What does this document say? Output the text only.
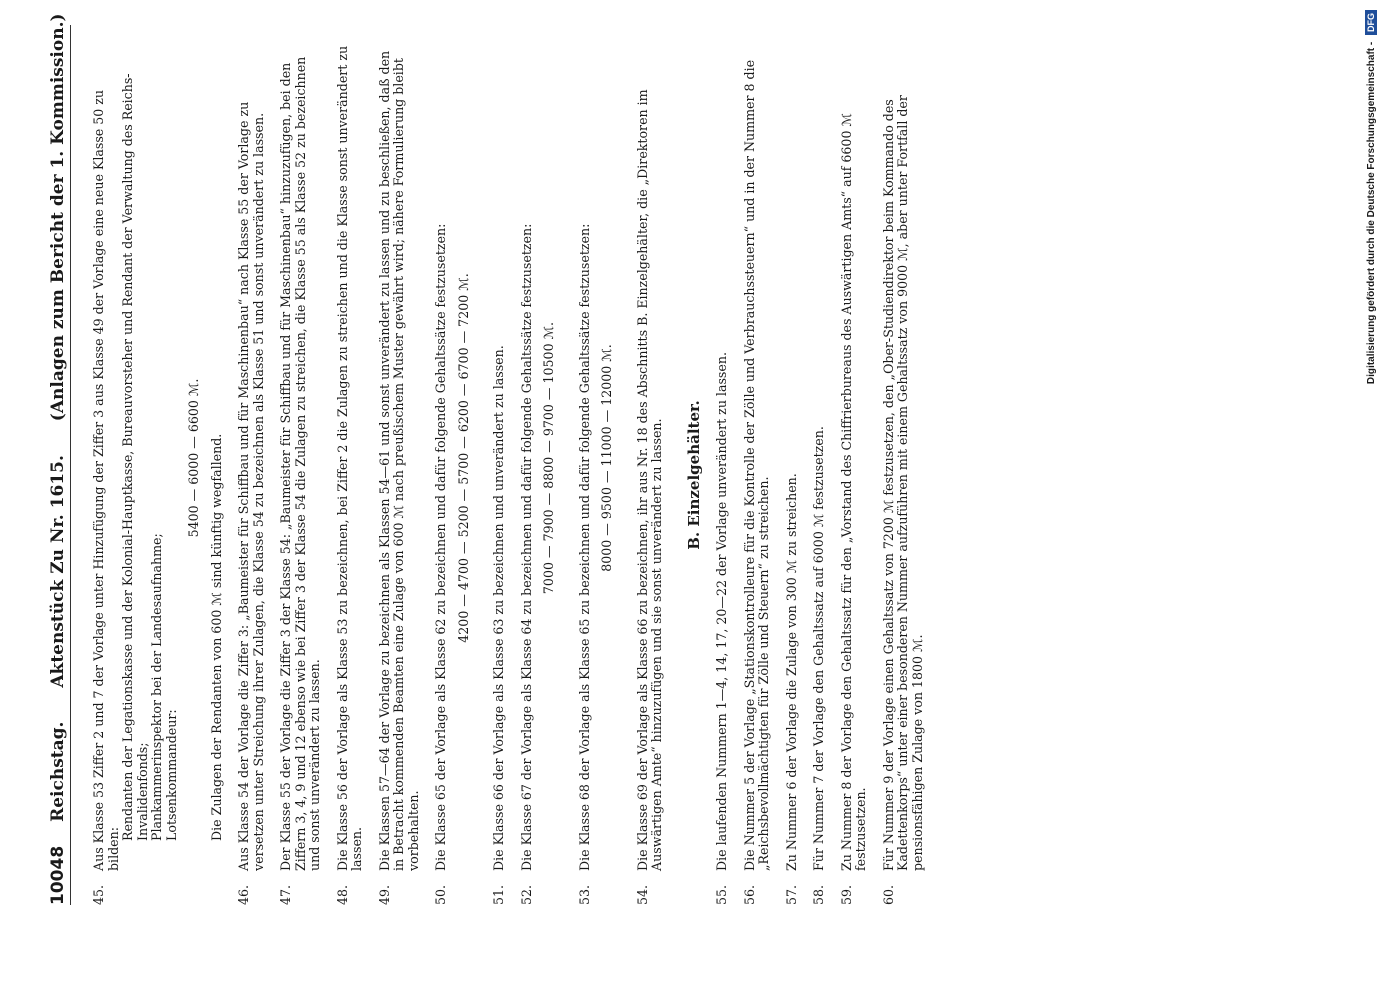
10048 Reichstag. Aktenstück Zu Nr. 1615. (Anlagen zum Bericht der 1. Kommission.)
45.

Aus Klasse 53 Ziffer 2 und 7 der Vorlage unter Hinzufügung der Ziffer 3 aus Klasse 49 der Vorlage eine neue Klasse 50 zu bilden:

Rendanten der Legationskasse und der Kolonial-Hauptkasse, Bureauvorsteher und Rendant der Verwaltung des Reichs-Invalidenfonds; Plankammerinspektor bei der Landesaufnahme; Lotsenkommandeur:

5400 — 6000 — 6600 ℳ. Die Zulagen der Rendanten von 600 ℳ sind künftig wegfallend.

46.

Aus Klasse 54 der Vorlage die Ziffer 3: „Baumeister für Schiffbau und für Maschinenbau“ nach Klasse 55 der Vorlage zu versetzen unter Streichung ihrer Zulagen, die Klasse 54 zu bezeichnen als Klasse 51 und sonst unverändert zu lassen.

47.

Der Klasse 55 der Vorlage die Ziffer 3 der Klasse 54: „Baumeister für Schiffbau und für Maschinenbau“ hinzuzufügen, bei den Ziffern 3, 4, 9 und 12 ebenso wie bei Ziffer 3 der Klasse 54 die Zulagen zu streichen, die Klasse 55 als Klasse 52 zu bezeichnen und sonst unverändert zu lassen.

48.

Die Klasse 56 der Vorlage als Klasse 53 zu bezeichnen, bei Ziffer 2 die Zulagen zu streichen und die Klasse sonst unverändert zu lassen.

49.

Die Klassen 57—64 der Vorlage zu bezeichnen als Klassen 54—61 und sonst unverändert zu lassen und zu beschließen, daß den in Betracht kommenden Beamten eine Zulage von 600 ℳ nach preußischem Muster gewährt wird; nähere Formulierung bleibt vorbehalten.

50.

Die Klasse 65 der Vorlage als Klasse 62 zu bezeichnen und dafür folgende Gehaltssätze festzusetzen: 4200 — 4700 — 5200 — 5700 — 6200 — 6700 — 7200 ℳ.

51.

Die Klasse 66 der Vorlage als Klasse 63 zu bezeichnen und unverändert zu lassen.

52.

Die Klasse 67 der Vorlage als Klasse 64 zu bezeichnen und dafür folgende Gehaltssätze festzusetzen: 7000 — 7900 — 8800 — 9700 — 10500 ℳ.

53.

Die Klasse 68 der Vorlage als Klasse 65 zu bezeichnen und dafür folgende Gehaltssätze festzusetzen: 8000 — 9500 — 11000 — 12000 ℳ.

54.

Die Klasse 69 der Vorlage als Klasse 66 zu bezeichnen, ihr aus Nr. 18 des Abschnitts B. Einzelgehälter, die „Direktoren im Auswärtigen Amte“ hinzuzufügen und sie sonst unverändert zu lassen. B. Einzelgehälter.
55.

Die laufenden Nummern 1—4, 14, 17, 20—22 der Vorlage unverändert zu lassen.

56.

Die Nummer 5 der Vorlage „Stationskontrolleure für die Kontrolle der Zölle und Verbrauchssteuern“ und in der Nummer 8 die „Reichsbevollmächtigten für Zölle und Steuern“ zu streichen.

57.

Zu Nummer 6 der Vorlage die Zulage von 300 ℳ zu streichen.

58.

Für Nummer 7 der Vorlage den Gehaltssatz auf 6000 ℳ festzusetzen.

59.

Zu Nummer 8 der Vorlage den Gehaltssatz für den „Vorstand des Chiffrierbureaus des Auswärtigen Amts“ auf 6600 ℳ festzusetzen.

60.

Für Nummer 9 der Vorlage einen Gehaltssatz von 7200 ℳ festzusetzen, den „Ober-Studiendirektor beim Kommando des Kadettenkorps“ unter einer besonderen Nummer aufzuführen mit einem Gehaltssatz von 9000 ℳ, aber unter Fortfall der pensionsfähigen Zulage von 1800 ℳ.

Digitalisierung gefördert durch die Deutsche Forschungsgemeinschaft - DFG
